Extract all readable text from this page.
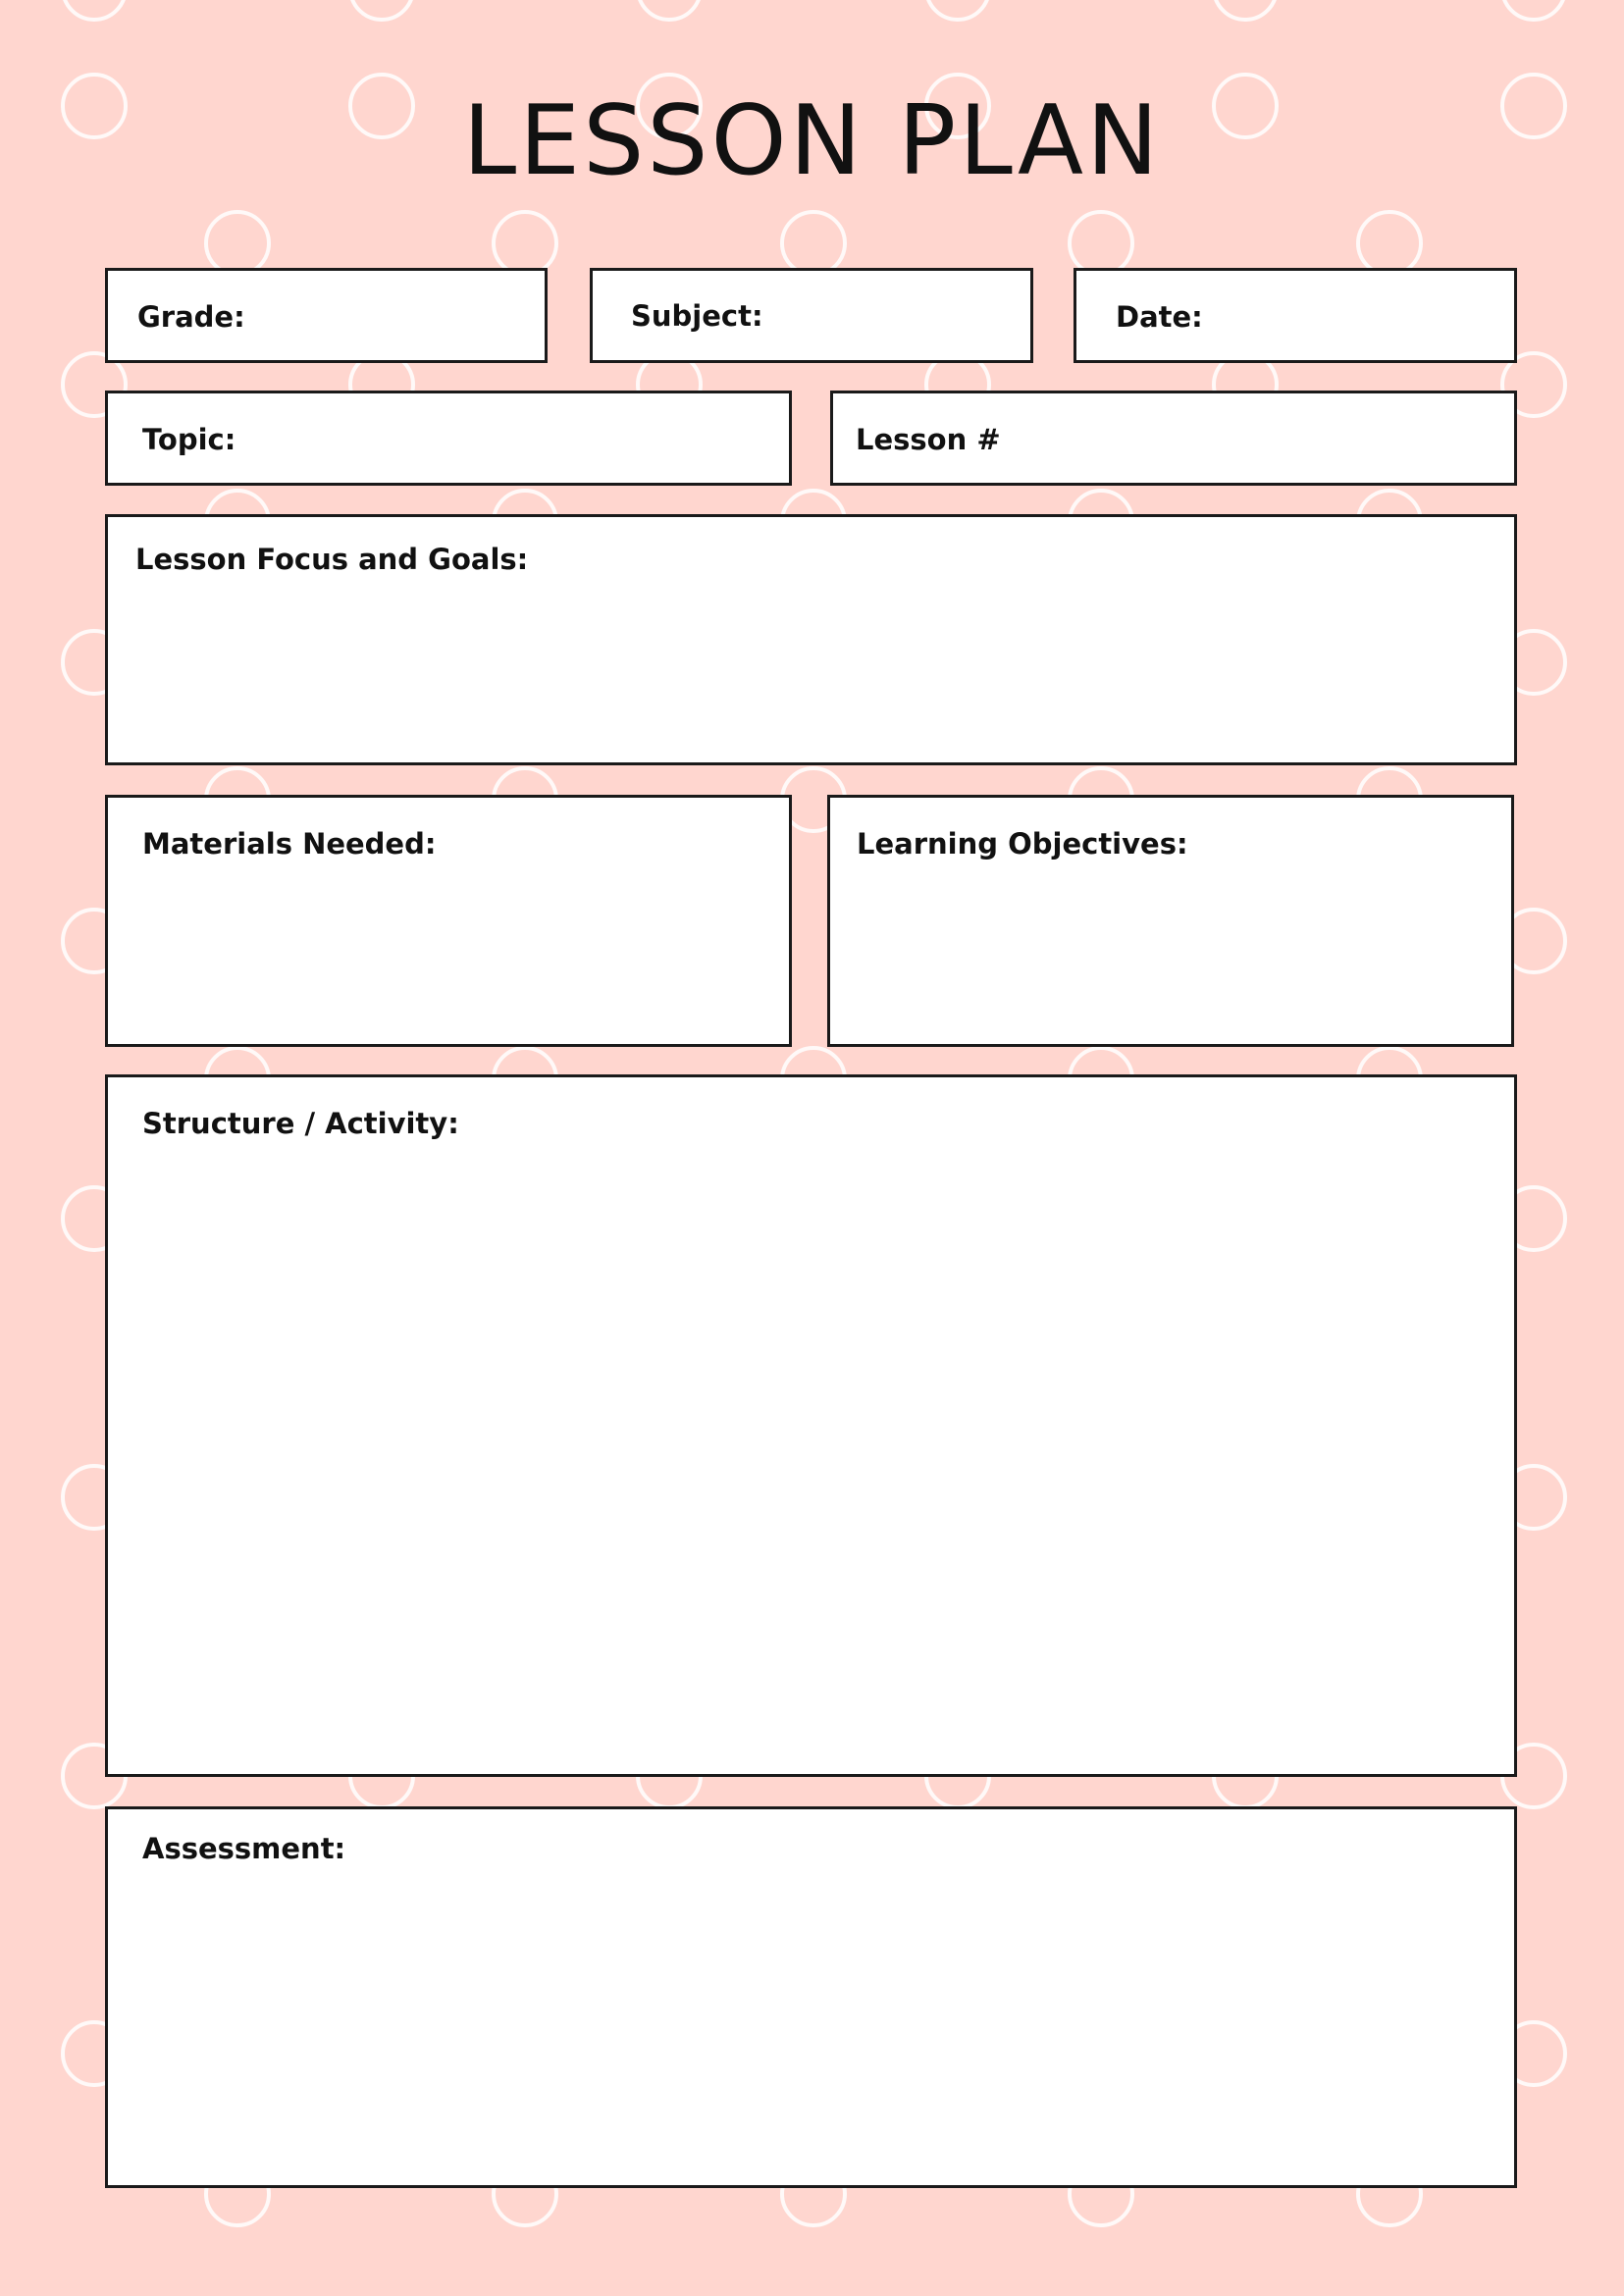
LESSON PLAN
Grade:	Subject:	Date:
Topic:	Lesson #
Lesson Focus and Goals:
Materials Needed:	Learning Objectives:
Structure / Activity:
Assessment:
